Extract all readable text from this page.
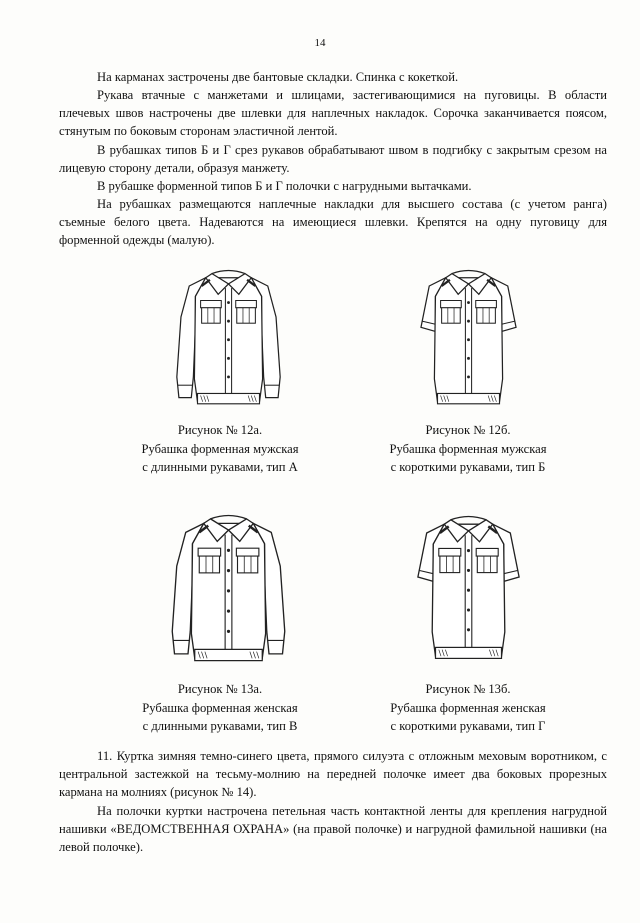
14

На карманах застрочены две бантовые складки. Спинка с кокеткой.

Рукава втачные с манжетами и шлицами, застегивающимися на пуговицы. В области плечевых швов настрочены две шлевки для наплечных накладок. Сорочка заканчивается поясом, стянутым по боковым сторонам эластичной лентой.

В рубашках типов Б и Г срез рукавов обрабатывают швом в подгибку с закрытым срезом на лицевую сторону детали, образуя манжету.

В рубашке форменной типов Б и Г полочки с нагрудными вытачками.

На рубашках размещаются наплечные накладки для высшего состава (с учетом ранга) съемные белого цвета. Надеваются на имеющиеся шлевки. Крепятся на одну пуговицу для форменной одежды (малую).

Рисунок № 12а.
Рубашка форменная мужская
с длинными рукавами, тип А
Рисунок № 12б.
Рубашка форменная мужская
с короткими рукавами, тип Б
Рисунок № 13а.
Рубашка форменная женская
с длинными рукавами, тип В
Рисунок № 13б.
Рубашка форменная женская
с короткими рукавами, тип Г

11. Куртка зимняя темно-синего цвета, прямого силуэта с отложным меховым воротником, с центральной застежкой на тесьму-молнию на передней полочке имеет два боковых прорезных кармана на молниях (рисунок № 14).

На полочки куртки настрочена петельная часть контактной ленты для крепления нагрудной нашивки «ВЕДОМСТВЕННАЯ ОХРАНА» (на правой полочке) и нагрудной фамильной нашивки (на левой полочке).
